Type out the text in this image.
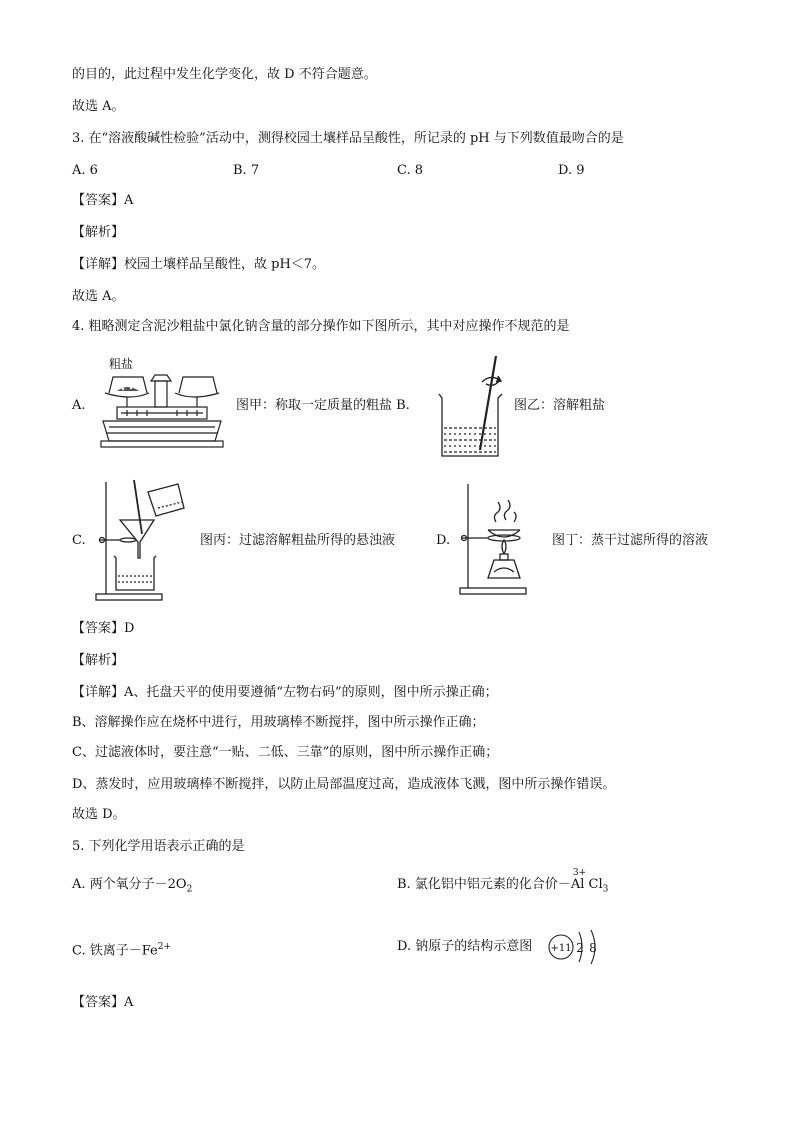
的目的，此过程中发生化学变化，故 D 不符合题意。
故选 A。
3. 在“溶液酸碱性检验”活动中，测得校园土壤样品呈酸性，所记录的 pH 与下列数值最吻合的是
A. 6	B. 7	C. 8	D. 9
【答案】A
【解析】
【详解】校园土壤样品呈酸性，故 pH＜7。
故选 A。
4. 粗略测定含泥沙粗盐中氯化钠含量的部分操作如下图所示，其中对应操作不规范的是
A.
粗盐
图甲：称取一定质量的粗盐 B.	图乙：溶解粗盐
C.	图丙：过滤溶解粗盐所得的悬浊液	D.	图丁：蒸干过滤所得的溶液
【答案】D
【解析】
【详解】A、托盘天平的使用要遵循“左物右码”的原则，图中所示操正确；
B、溶解操作应在烧杯中进行，用玻璃棒不断搅拌，图中所示操作正确；
C、过滤液体时，要注意“一贴、二低、三靠”的原则，图中所示操作正确；
D、蒸发时，应用玻璃棒不断搅拌，以防止局部温度过高，造成液体飞溅，图中所示操作错误。
故选 D。
5. 下列化学用语表示正确的是
A. 两个氧分子$-2O_2$	B. 氯化铝中铝元素的化合价－
3+
Al $Cl_3$
C. 铁离子$-Fe^{2+}$	D. 钠原子的结构示意图 +11 2 8
【答案】A
